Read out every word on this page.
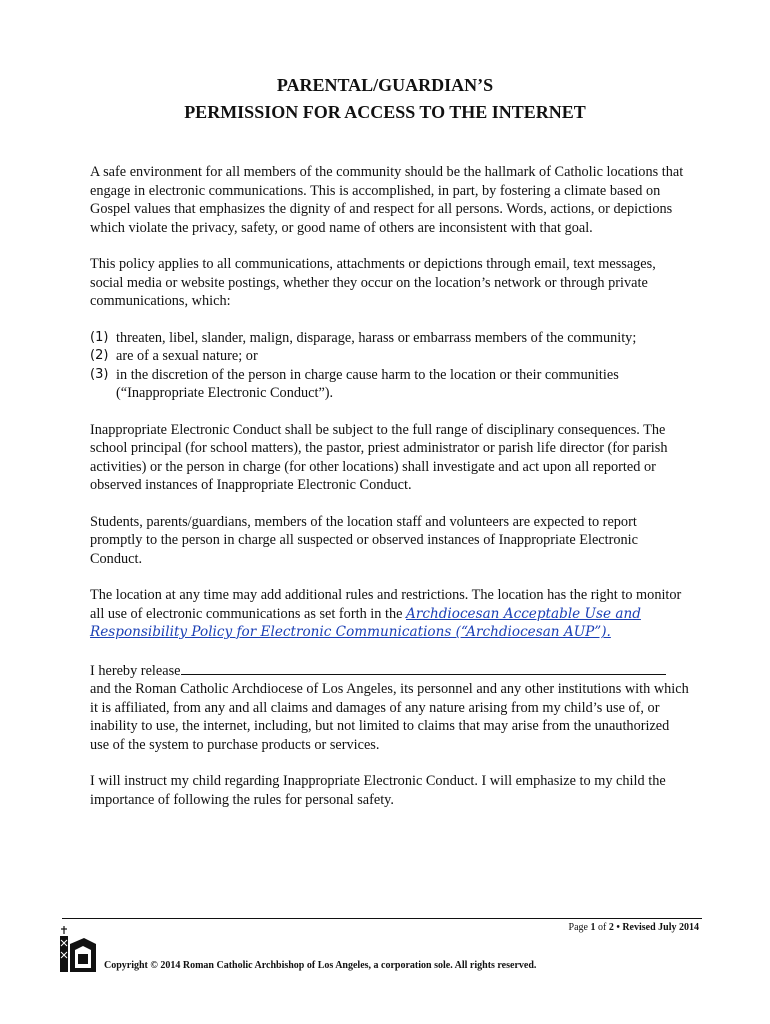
PARENTAL/GUARDIAN’S
PERMISSION FOR ACCESS TO THE INTERNET

A safe environment for all members of the community should be the hallmark of Catholic locations that engage in electronic communications. This is accomplished, in part, by fostering a climate based on Gospel values that emphasizes the dignity of and respect for all persons. Words, actions, or depictions which violate the privacy, safety, or good name of others are inconsistent with that goal.

This policy applies to all communications, attachments or depictions through email, text messages, social media or website postings, whether they occur on the location’s network or through private communications, which:

(1) threaten, libel, slander, malign, disparage, harass or embarrass members of the community;
(2) are of a sexual nature; or
(3) in the discretion of the person in charge cause harm to the location or their communities (“Inappropriate Electronic Conduct”).

Inappropriate Electronic Conduct shall be subject to the full range of disciplinary consequences. The school principal (for school matters), the pastor, priest administrator or parish life director (for parish activities) or the person in charge (for other locations) shall investigate and act upon all reported or observed instances of Inappropriate Electronic Conduct.

Students, parents/guardians, members of the location staff and volunteers are expected to report promptly to the person in charge all suspected or observed instances of Inappropriate Electronic Conduct.

The location at any time may add additional rules and restrictions. The location has the right to monitor all use of electronic communications as set forth in the Archdiocesan Acceptable Use and Responsibility Policy for Electronic Communications (“Archdiocesan AUP”).

I hereby release
and the Roman Catholic Archdiocese of Los Angeles, its personnel and any other institutions with which it is affiliated, from any and all claims and damages of any nature arising from my child’s use of, or inability to use, the internet, including, but not limited to claims that may arise from the unauthorized use of the system to purchase products or services.

I will instruct my child regarding Inappropriate Electronic Conduct. I will emphasize to my child the importance of following the rules for personal safety.

Page 1 of 2 • Revised July 2014
Copyright © 2014 Roman Catholic Archbishop of Los Angeles, a corporation sole. All rights reserved.
